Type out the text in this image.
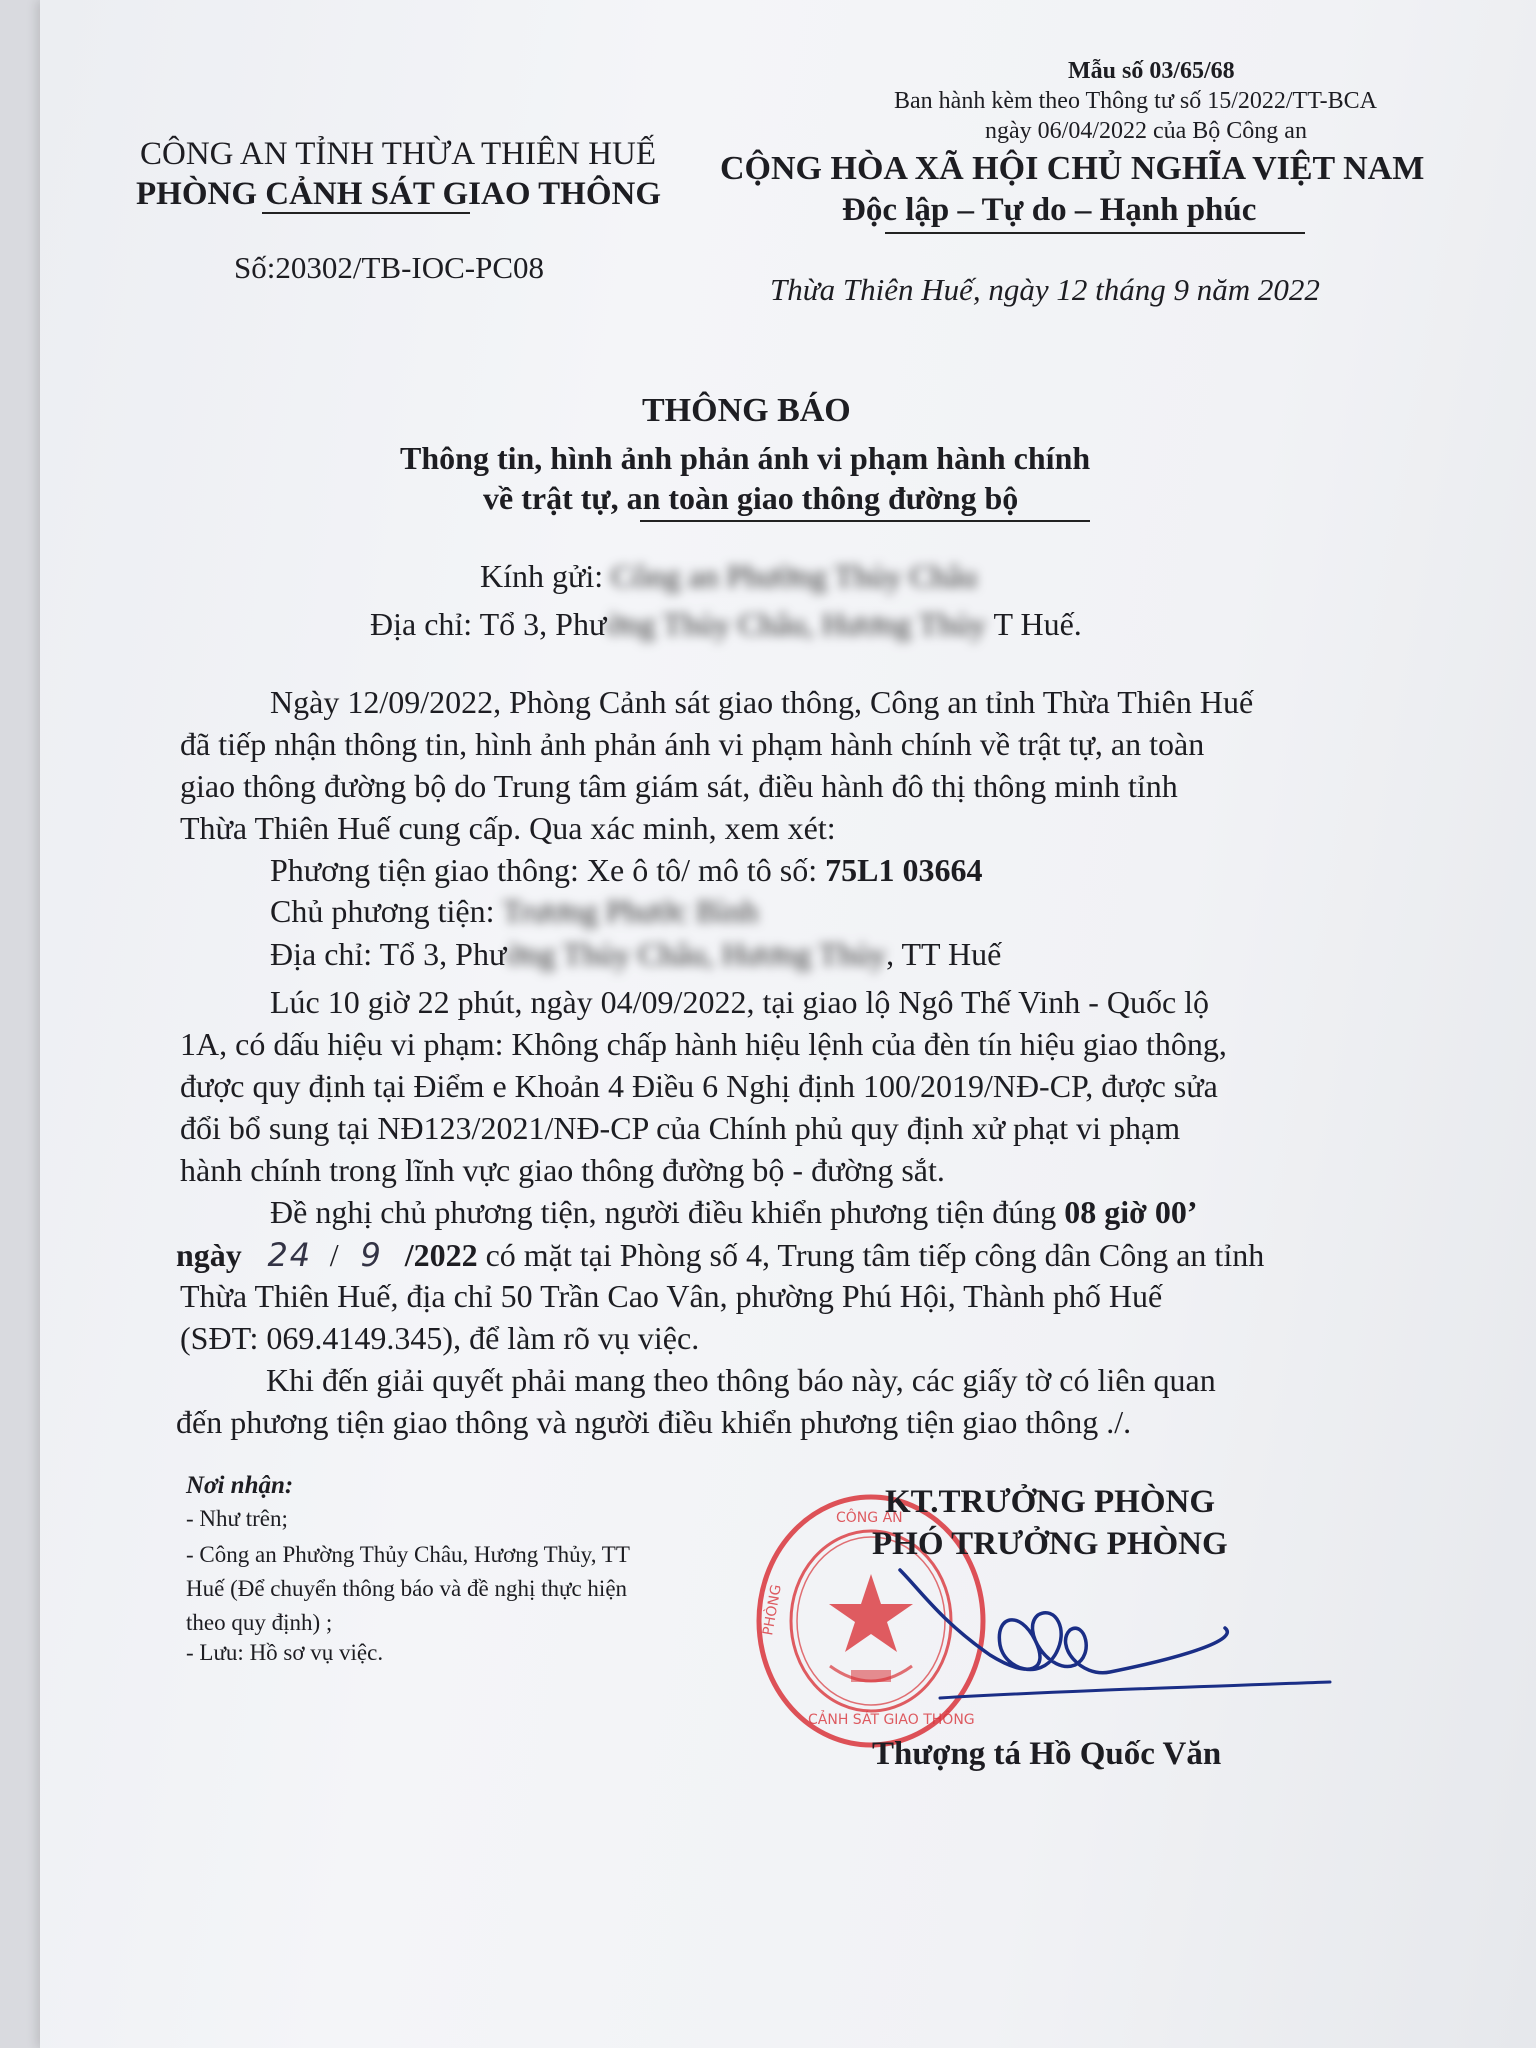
Mẫu số 03/65/68
Ban hành kèm theo Thông tư số 15/2022/TT-BCA
ngày 06/04/2022 của Bộ Công an
CÔNG AN TỈNH THỪA THIÊN HUẾ
PHÒNG CẢNH SÁT GIAO THÔNG
Số:20302/TB-IOC-PC08
CỘNG HÒA XÃ HỘI CHỦ NGHĨA VIỆT NAM
Độc lập – Tự do – Hạnh phúc
Thừa Thiên Huế, ngày 12 tháng 9 năm 2022
THÔNG BÁO
Thông tin, hình ảnh phản ánh vi phạm hành chính
về trật tự, an toàn giao thông đường bộ
Kính gửi: Công an Phường Thủy Châu
Địa chỉ: Tổ 3, Phường Thủy Châu, Hương Thủy T Huế.
Ngày 12/09/2022, Phòng Cảnh sát giao thông, Công an tỉnh Thừa Thiên Huế
đã tiếp nhận thông tin, hình ảnh phản ánh vi phạm hành chính về trật tự, an toàn
giao thông đường bộ do Trung tâm giám sát, điều hành đô thị thông minh tỉnh
Thừa Thiên Huế cung cấp. Qua xác minh, xem xét:
Phương tiện giao thông: Xe ô tô/ mô tô số: 75L1 03664
Chủ phương tiện: Trương Phước Bình
Địa chỉ: Tổ 3, Phường Thủy Châu, Hương Thủy, TT Huế
Lúc 10 giờ 22 phút, ngày 04/09/2022, tại giao lộ Ngô Thế Vinh - Quốc lộ
1A, có dấu hiệu vi phạm: Không chấp hành hiệu lệnh của đèn tín hiệu giao thông,
được quy định tại Điểm e Khoản 4 Điều 6 Nghị định 100/2019/NĐ-CP, được sửa
đổi bổ sung tại NĐ123/2021/NĐ-CP của Chính phủ quy định xử phạt vi phạm
hành chính trong lĩnh vực giao thông đường bộ - đường sắt.
Đề nghị chủ phương tiện, người điều khiển phương tiện đúng 08 giờ 00’
ngày 24 / 9 /2022 có mặt tại Phòng số 4, Trung tâm tiếp công dân Công an tỉnh
Thừa Thiên Huế, địa chỉ 50 Trần Cao Vân, phường Phú Hội, Thành phố Huế
(SĐT: 069.4149.345), để làm rõ vụ việc.
Khi đến giải quyết phải mang theo thông báo này, các giấy tờ có liên quan
đến phương tiện giao thông và người điều khiển phương tiện giao thông ./.
Nơi nhận:
- Như trên;
- Công an Phường Thủy Châu, Hương Thủy, TT
Huế (Để chuyển thông báo và đề nghị thực hiện
theo quy định) ;
- Lưu: Hồ sơ vụ việc.
CÔNG AN
PHÒNG
CẢNH SÁT GIAO THÔNG
KT.TRƯỞNG PHÒNG
PHÓ TRƯỞNG PHÒNG
Thượng tá Hồ Quốc Văn
